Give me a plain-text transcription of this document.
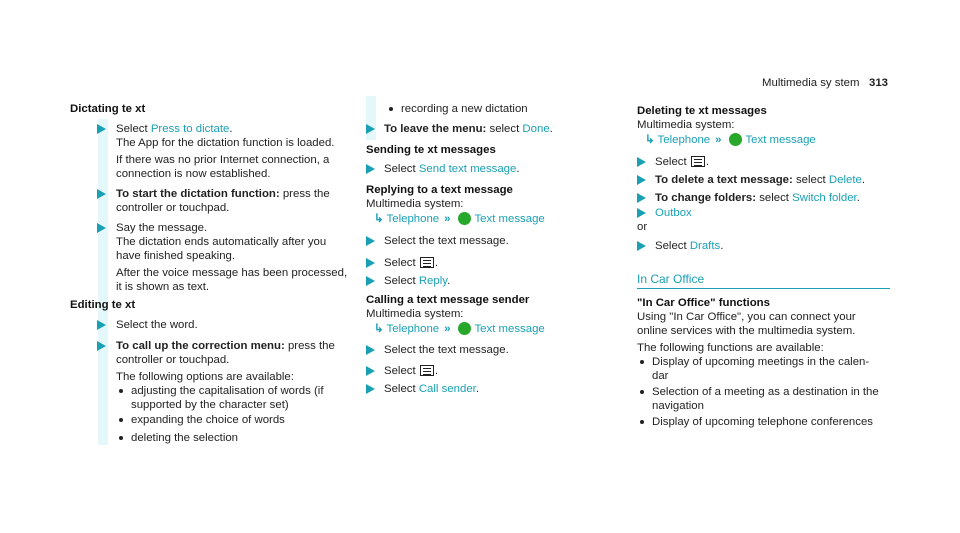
Multimedia sy stem 313
Dictating te xt
Select Press to dictate.
The App for the dictation function is loaded.
If there was no prior Internet connection, a
connection is now established.
To start the dictation function: press the
controller or touchpad.
Say the message.
The dictation ends automatically after you
have finished speaking.
After the voice message has been processed,
it is shown as text.
Editing te xt
Select the word.
To call up the correction menu: press the
controller or touchpad.
The following options are available:
adjusting the capitalisation of words (if
supported by the character set)
expanding the choice of words
deleting the selection
recording a new dictation
To leave the menu: select Done.
Sending te xt messages
Select Send text message.
Replying to a text message
Multimedia system:
↳ Telephone » Text message
Select the text message.
Select .
Select Reply.
Calling a text message sender
Multimedia system:
↳ Telephone » Text message
Select the text message.
Select .
Select Call sender.
Deleting te xt messages
Multimedia system:
↳ Telephone » Text message
Select .
To delete a text message: select Delete.
To change folders: select Switch folder.
Outbox
or
Select Drafts.
In Car Office
"In Car Office" functions
Using "In Car Office", you can connect your
online services with the multimedia system.
The following functions are available:
Display of upcoming meetings in the calen-
dar
Selection of a meeting as a destination in the
navigation
Display of upcoming telephone conferences
